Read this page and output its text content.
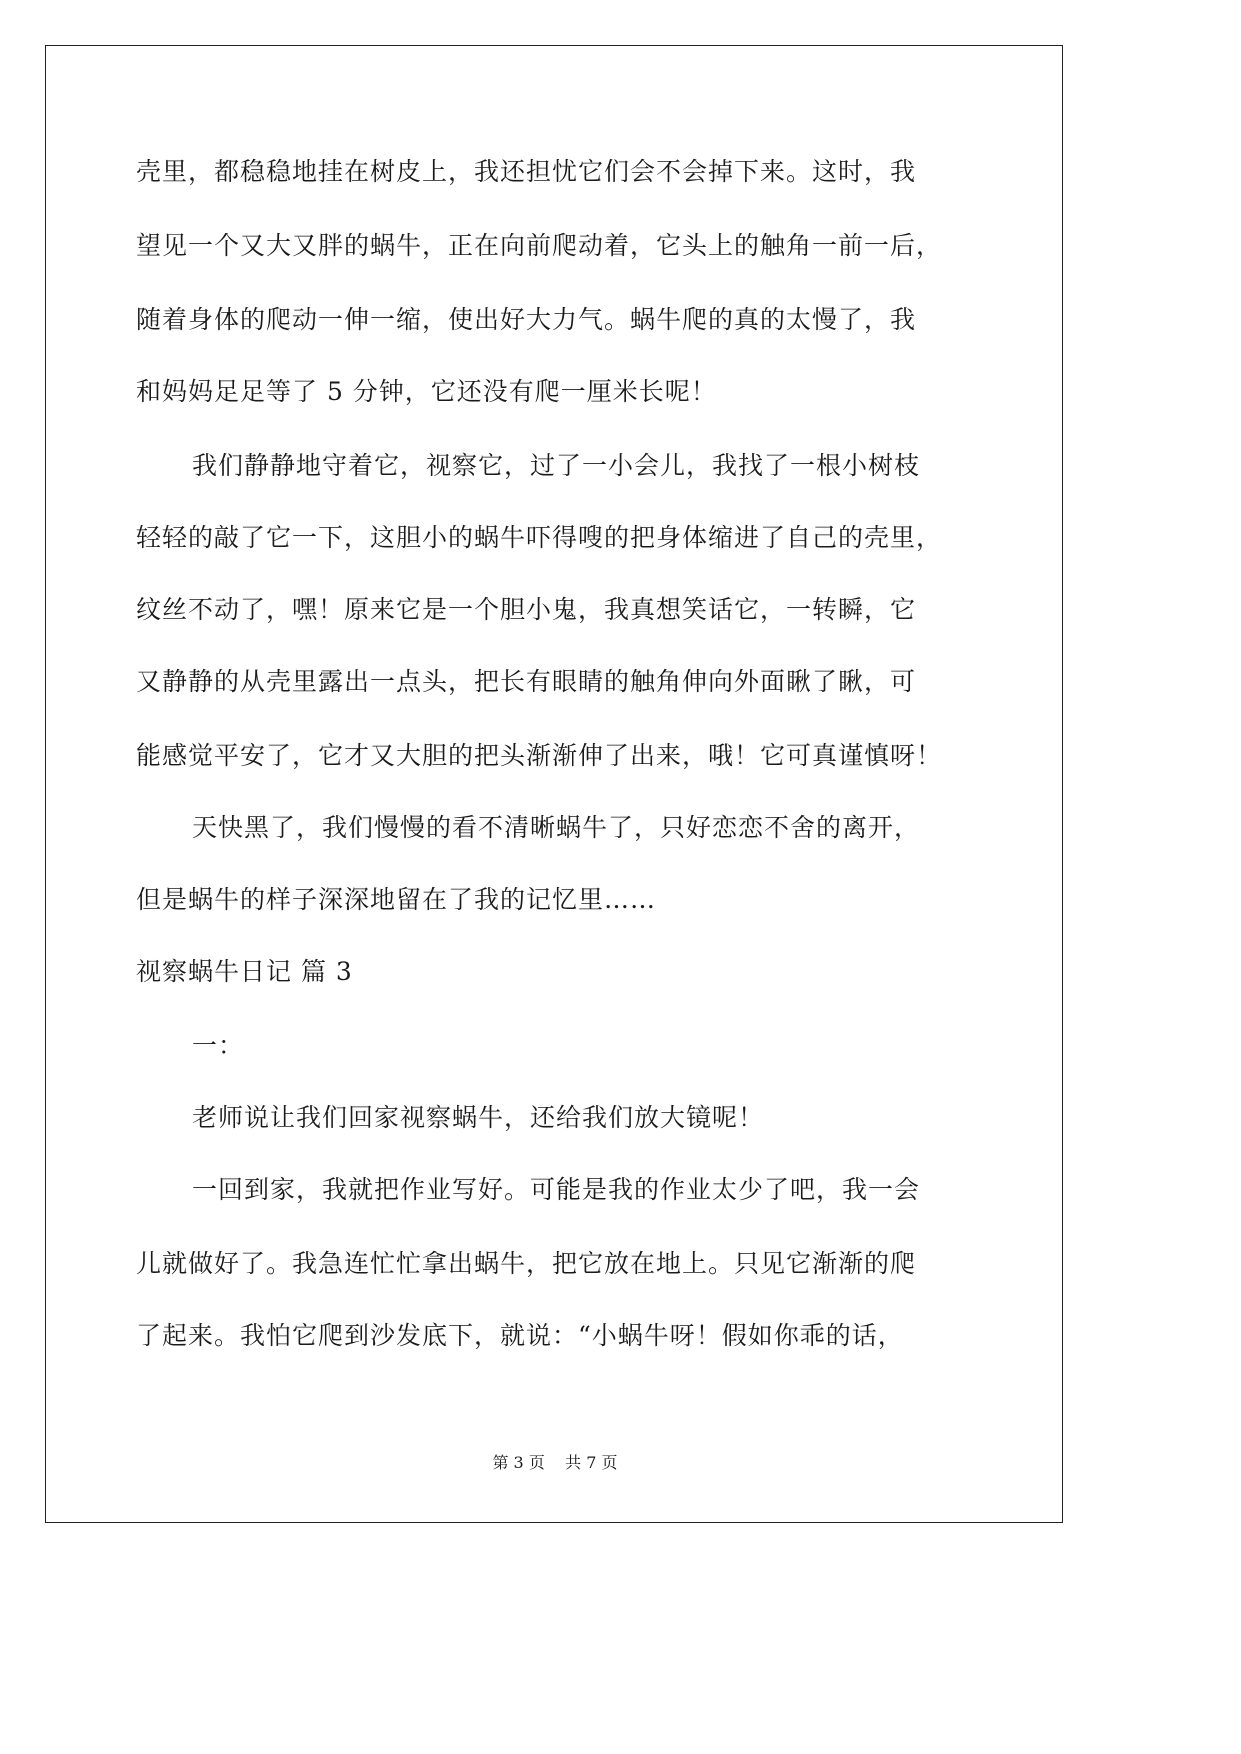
壳里，都稳稳地挂在树皮上，我还担忧它们会不会掉下来。这时，我
望见一个又大又胖的蜗牛，正在向前爬动着，它头上的触角一前一后，
随着身体的爬动一伸一缩，使出好大力气。蜗牛爬的真的太慢了，我
和妈妈足足等了 5 分钟，它还没有爬一厘米长呢！
我们静静地守着它，视察它，过了一小会儿，我找了一根小树枝
轻轻的敲了它一下，这胆小的蜗牛吓得嗖的把身体缩进了自己的壳里，
纹丝不动了，嘿！原来它是一个胆小鬼，我真想笑话它，一转瞬，它
又静静的从壳里露出一点头，把长有眼睛的触角伸向外面瞅了瞅，可
能感觉平安了，它才又大胆的把头渐渐伸了出来，哦！它可真谨慎呀！
天快黑了，我们慢慢的看不清晰蜗牛了，只好恋恋不舍的离开，
但是蜗牛的样子深深地留在了我的记忆里……
视察蜗牛日记 篇 3
一：
老师说让我们回家视察蜗牛，还给我们放大镜呢！
一回到家，我就把作业写好。可能是我的作业太少了吧，我一会
儿就做好了。我急连忙忙拿出蜗牛，把它放在地上。只见它渐渐的爬
了起来。我怕它爬到沙发底下，就说：“小蜗牛呀！假如你乖的话，
第 3 页    共 7 页
